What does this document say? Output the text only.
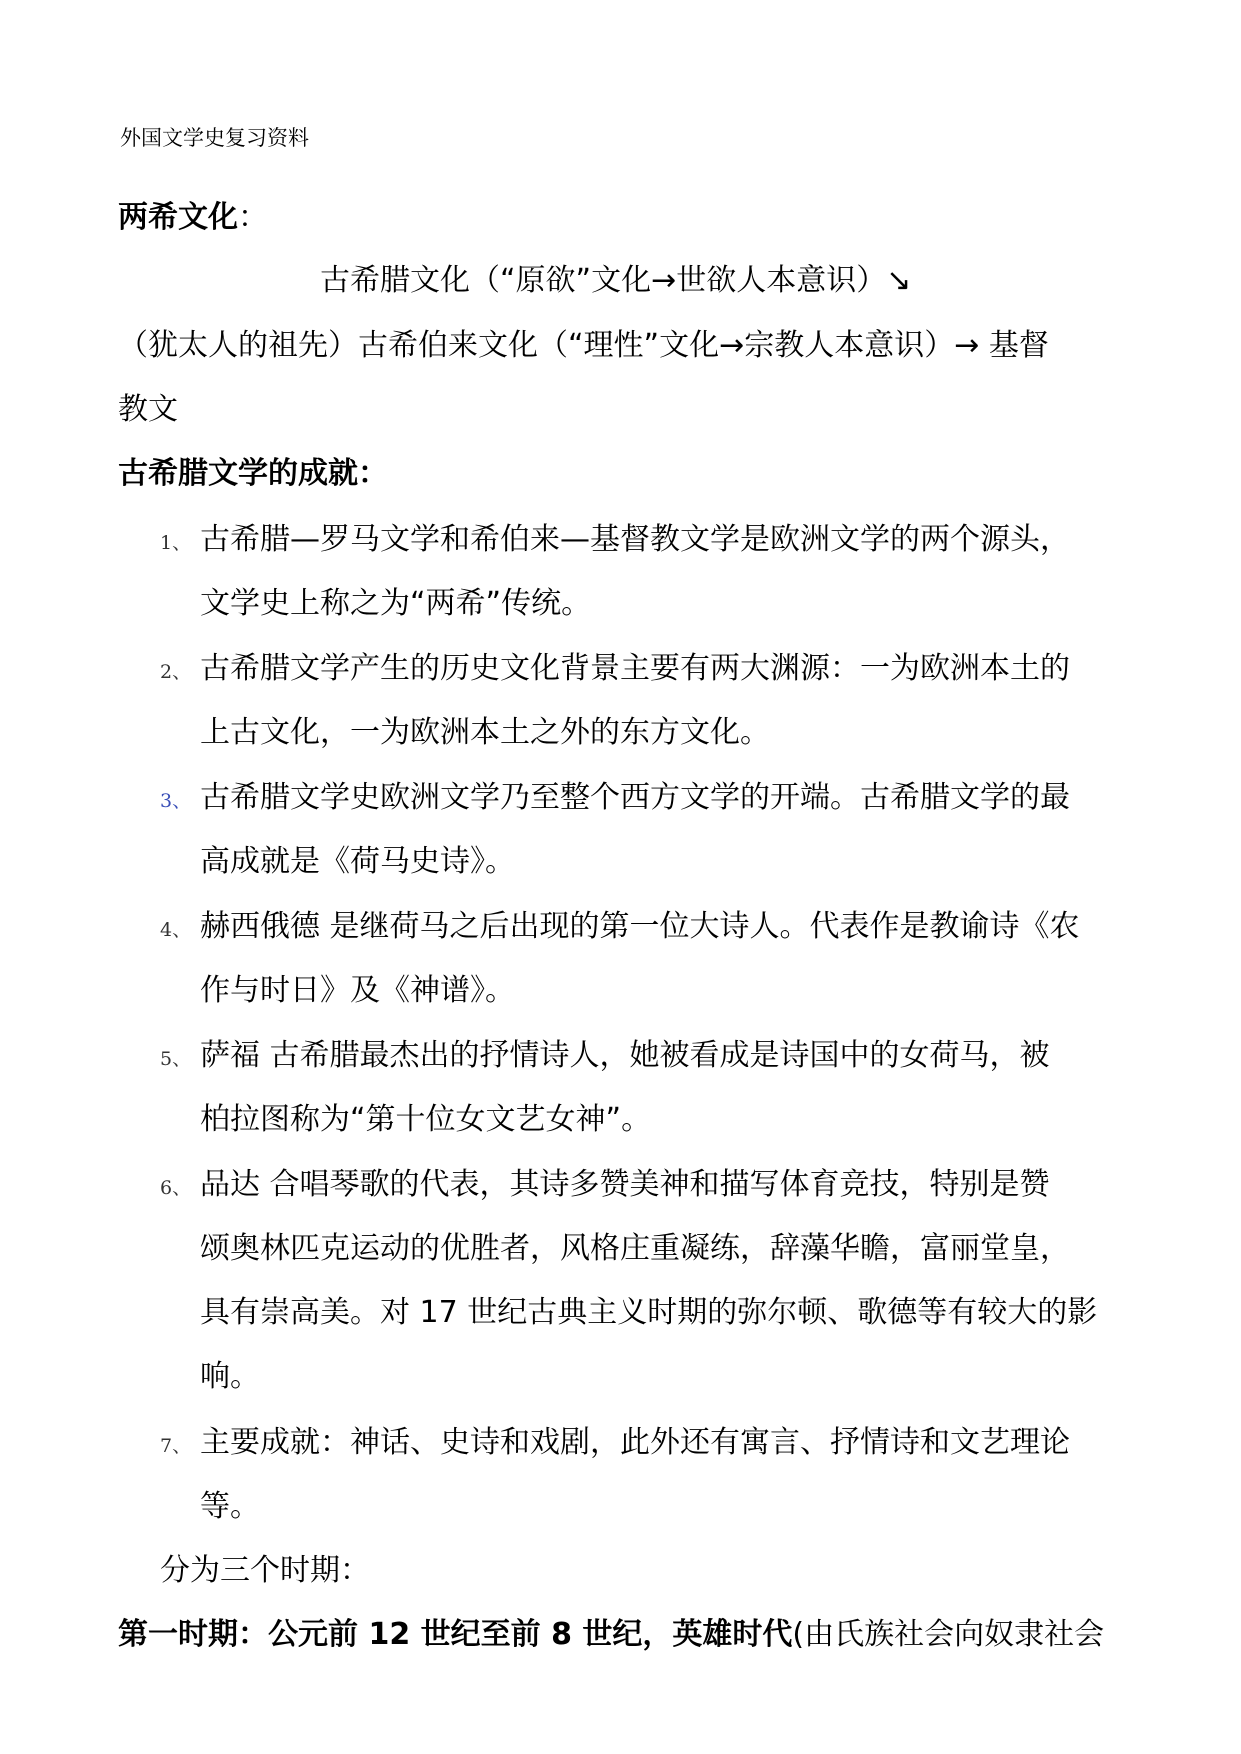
外国文学史复习资料
两希文化：
古希腊文化（“原欲”文化→世欲人本意识）↘
（犹太人的祖先）古希伯来文化（“理性”文化→宗教人本意识）→ 基督
教文
古希腊文学的成就：
1、 古希腊—罗马文学和希伯来—基督教文学是欧洲文学的两个源头，
文学史上称之为“两希”传统。
2、 古希腊文学产生的历史文化背景主要有两大渊源：一为欧洲本土的
上古文化，一为欧洲本土之外的东方文化。
3、 古希腊文学史欧洲文学乃至整个西方文学的开端。古希腊文学的最
高成就是《荷马史诗》。
4、 赫西俄德 是继荷马之后出现的第一位大诗人。代表作是教谕诗《农
作与时日》及《神谱》。
5、 萨福 古希腊最杰出的抒情诗人，她被看成是诗国中的女荷马，被
柏拉图称为“第十位女文艺女神”。
6、 品达 合唱琴歌的代表，其诗多赞美神和描写体育竞技，特别是赞
颂奥林匹克运动的优胜者，风格庄重凝练，辞藻华瞻，富丽堂皇，
具有崇高美。对 17 世纪古典主义时期的弥尔顿、歌德等有较大的影
响。
7、 主要成就：神话、史诗和戏剧，此外还有寓言、抒情诗和文艺理论
等。
分为三个时期：
第一时期：公元前 12 世纪至前 8 世纪，英雄时代(由氏族社会向奴隶社会
